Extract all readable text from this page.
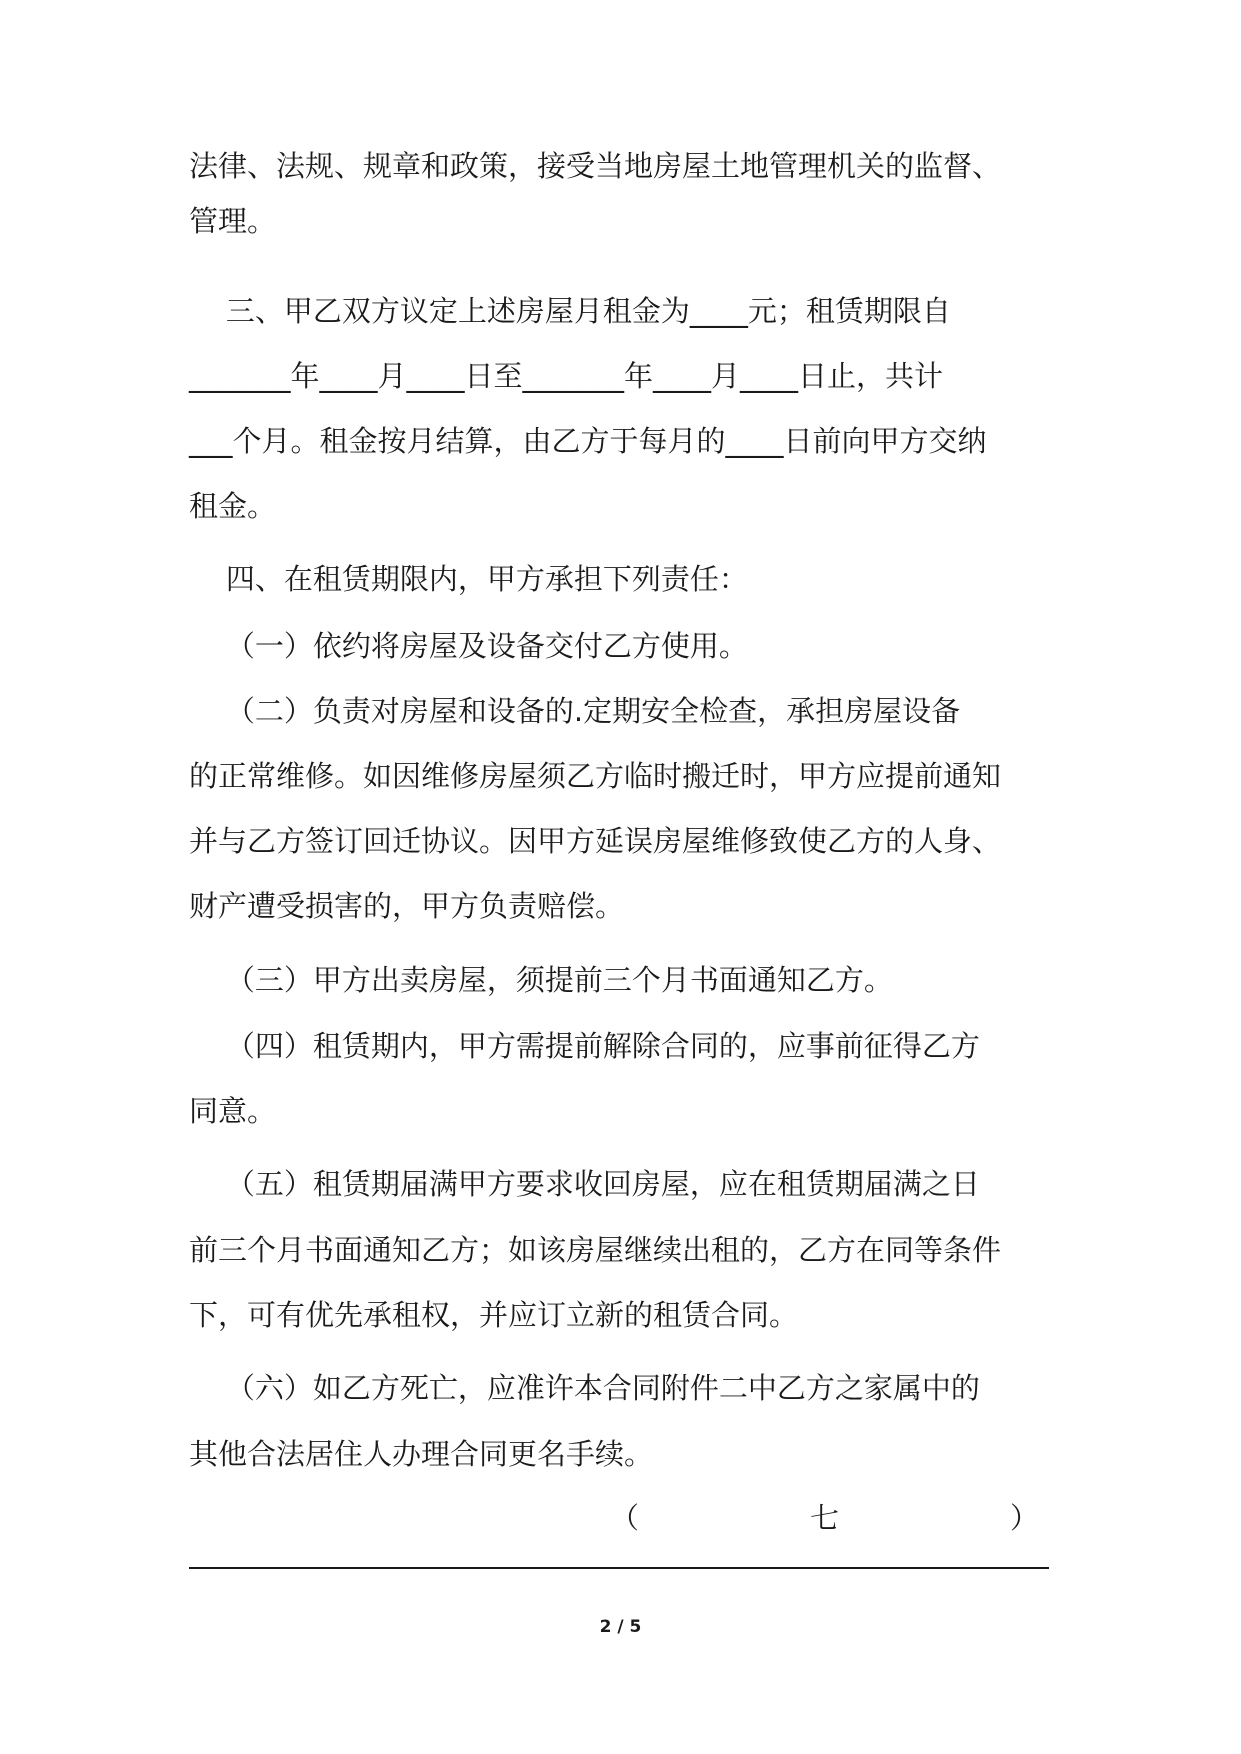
法律、法规、规章和政策，接受当地房屋土地管理机关的监督、
管理。
三、甲乙双方议定上述房屋月租金为____元；租赁期限自
_______年____月____日至_______年____月____日止，共计
___个月。租金按月结算，由乙方于每月的____日前向甲方交纳
租金。
四、在租赁期限内，甲方承担下列责任：
（一）依约将房屋及设备交付乙方使用。
（二）负责对房屋和设备的.定期安全检查，承担房屋设备
的正常维修。如因维修房屋须乙方临时搬迁时，甲方应提前通知
并与乙方签订回迁协议。因甲方延误房屋维修致使乙方的人身、
财产遭受损害的，甲方负责赔偿。
（三）甲方出卖房屋，须提前三个月书面通知乙方。
（四）租赁期内，甲方需提前解除合同的，应事前征得乙方
同意。
（五）租赁期届满甲方要求收回房屋，应在租赁期届满之日
前三个月书面通知乙方；如该房屋继续出租的，乙方在同等条件
下，可有优先承租权，并应订立新的租赁合同。
（六）如乙方死亡，应准许本合同附件二中乙方之家属中的
其他合法居住人办理合同更名手续。

（

	七

	）

2 / 5
